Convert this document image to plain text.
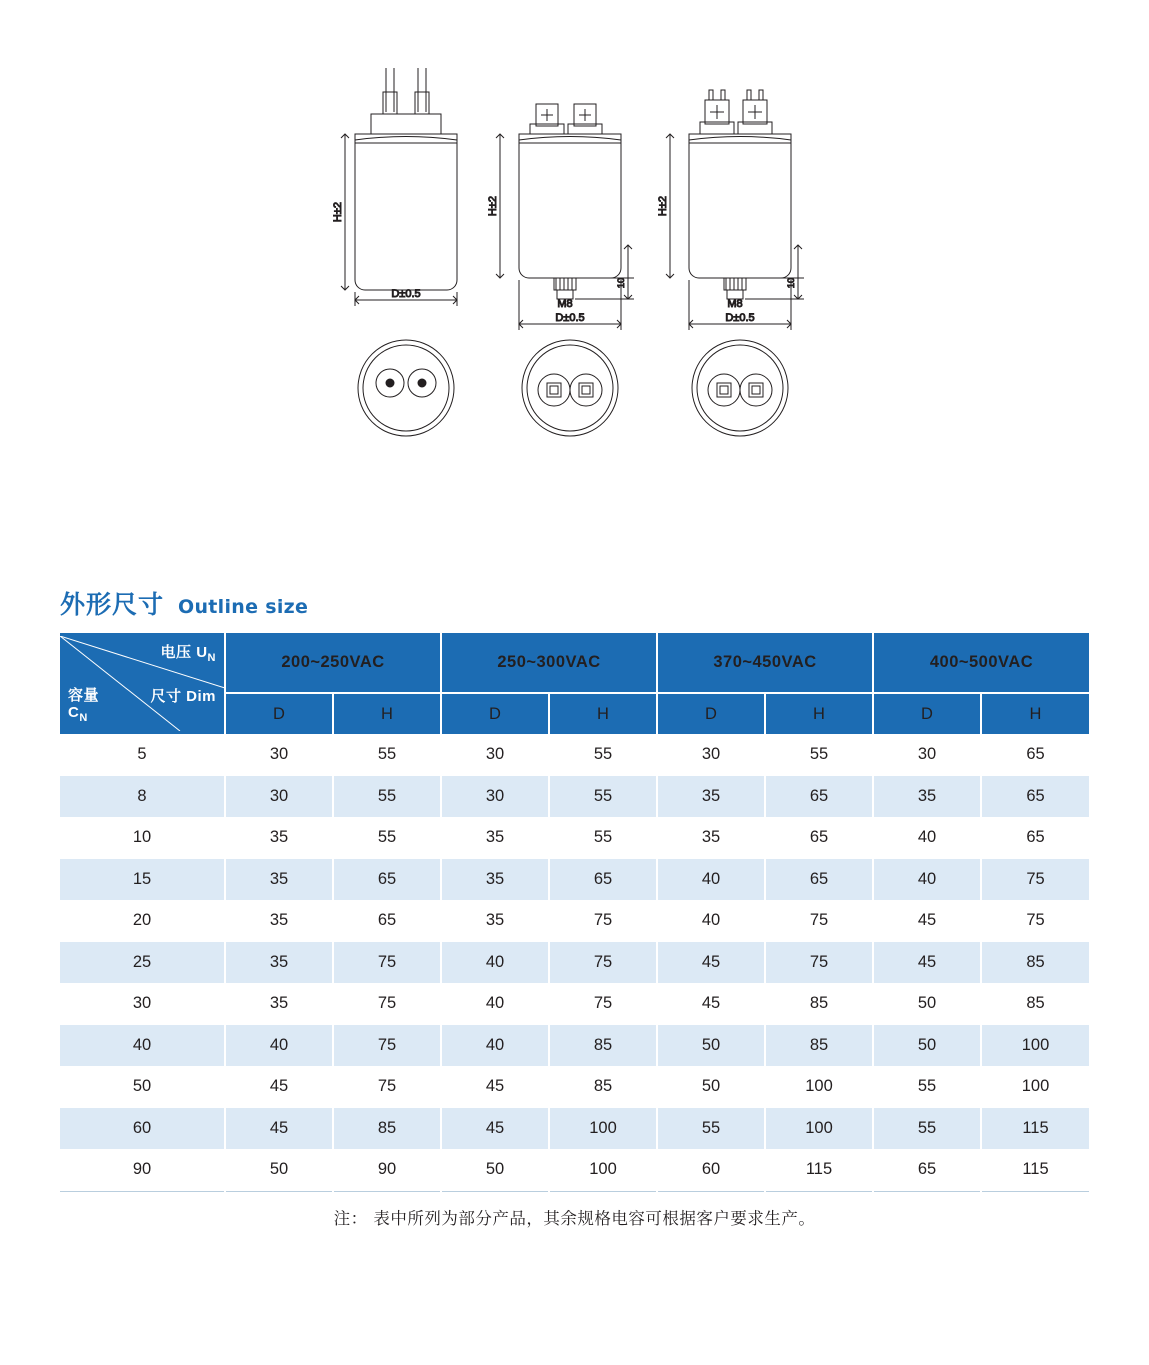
H±2
D±0.5
H±2
D±0.5
M8
10
H±2
D±0.5
M8
10
外形尺寸 Outline size
电压 $U_N$
尺寸 Dim
容量
$C_N$	200~250VAC		250~300VAC		370~450VAC		400~500VAC	
	D	H	D	H	D	H	D	H
5	30	55	30	55	30	55	30	65
8	30	55	30	55	35	65	35	65
10	35	55	35	55	35	65	40	65
15	35	65	35	65	40	65	40	75
20	35	65	35	75	40	75	45	75
25	35	75	40	75	45	75	45	85
30	35	75	40	75	45	85	50	85
40	40	75	40	85	50	85	50	100
50	45	75	45	85	50	100	55	100
60	45	85	45	100	55	100	55	115
90	50	90	50	100	60	115	65	115
注： 表中所列为部分产品，其余规格电容可根据客户要求生产。
